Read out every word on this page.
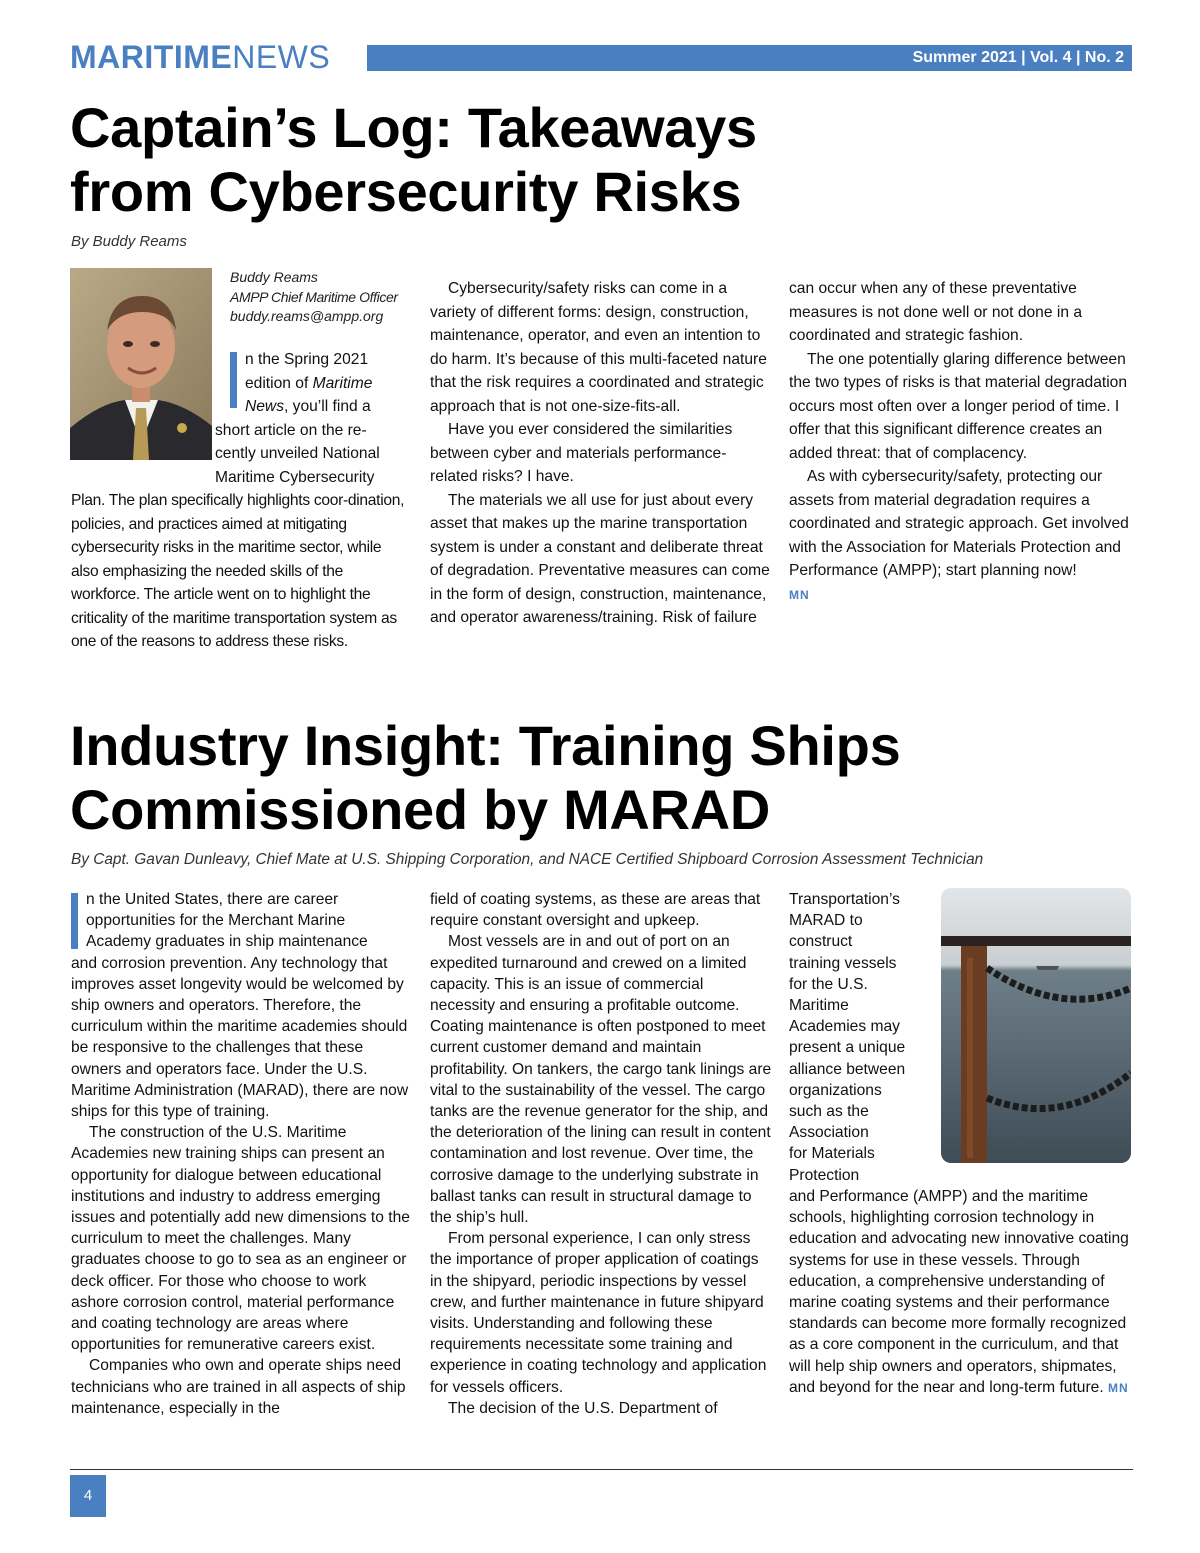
MARITIMENEWS	Summer 2021 | Vol. 4 | No. 2
Captain’s Log: Takeaways
from Cybersecurity Risks
By Buddy Reams
Buddy Reams
AMPP Chief Maritime Officer
buddy.reams@ampp.org
n the Spring 2021
edition of Maritime
News, you’ll find a
short article on the re-
cently unveiled National
Maritime Cybersecurity

Plan. The plan specifically highlights coor-dination, policies, and practices aimed at mitigating cybersecurity risks in the maritime sector, while also emphasizing the needed skills of the workforce. The article went on to highlight the criticality of the maritime transportation system as one of the reasons to address these risks.

Cybersecurity/safety risks can come in a variety of different forms: design, construction, maintenance, operator, and even an intention to do harm. It’s because of this multi-faceted nature that the risk requires a coordinated and strategic approach that is not one-size-fits-all.

Have you ever considered the similarities between cyber and materials performance-related risks? I have.

The materials we all use for just about every asset that makes up the marine transportation system is under a constant and deliberate threat of degradation. Preventative measures can come in the form of design, construction, maintenance, and operator awareness/training. Risk of failure

can occur when any of these preventative measures is not done well or not done in a coordinated and strategic fashion.

The one potentially glaring difference between the two types of risks is that material degradation occurs most often over a longer period of time. I offer that this significant difference creates an added threat: that of complacency.

As with cybersecurity/safety, protecting our assets from material degradation requires a coordinated and strategic approach. Get involved with the Association for Materials Protection and Performance (AMPP); start planning now!

MN
Industry Insight: Training Ships
Commissioned by MARAD
By Capt. Gavan Dunleavy, Chief Mate at U.S. Shipping Corporation, and NACE Certified Shipboard Corrosion Assessment Technician
n the United States, there are career
opportunities for the Merchant Marine
Academy graduates in ship maintenance

and corrosion prevention. Any technology that improves asset longevity would be welcomed by ship owners and operators. Therefore, the curriculum within the maritime academies should be responsive to the challenges that these owners and operators face. Under the U.S. Maritime Administration (MARAD), there are now ships for this type of training.

The construction of the U.S. Maritime Academies new training ships can present an opportunity for dialogue between educational institutions and industry to address emerging issues and potentially add new dimensions to the curriculum to meet the challenges. Many graduates choose to go to sea as an engineer or deck officer. For those who choose to work ashore corrosion control, material performance and coating technology are areas where opportunities for remunerative careers exist.

Companies who own and operate ships need technicians who are trained in all aspects of ship maintenance, especially in the

field of coating systems, as these are areas that require constant oversight and upkeep.

Most vessels are in and out of port on an expedited turnaround and crewed on a limited capacity. This is an issue of commercial necessity and ensuring a profitable outcome. Coating maintenance is often postponed to meet current customer demand and maintain profitability. On tankers, the cargo tank linings are vital to the sustainability of the vessel. The cargo tanks are the revenue generator for the ship, and the deterioration of the lining can result in content contamination and lost revenue. Over time, the corrosive damage to the underlying substrate in ballast tanks can result in structural damage to the ship’s hull.

From personal experience, I can only stress the importance of proper application of coatings in the shipyard, periodic inspections by vessel crew, and further maintenance in future shipyard visits. Understanding and following these requirements necessitate some training and experience in coating technology and application for vessels officers.

The decision of the U.S. Department of

Transportation’s
MARAD to
construct
training vessels
for the U.S.
Maritime
Academies may
present a unique
alliance between
organizations
such as the
Association
for Materials
Protection

and Performance (AMPP) and the maritime schools, highlighting corrosion technology in education and advocating new innovative coating systems for use in these vessels. Through education, a comprehensive understanding of marine coating systems and their performance standards can become more formally recognized as a core component in the curriculum, and that will help ship owners and operators, shipmates, and beyond for the near and long-term future. MN

4
